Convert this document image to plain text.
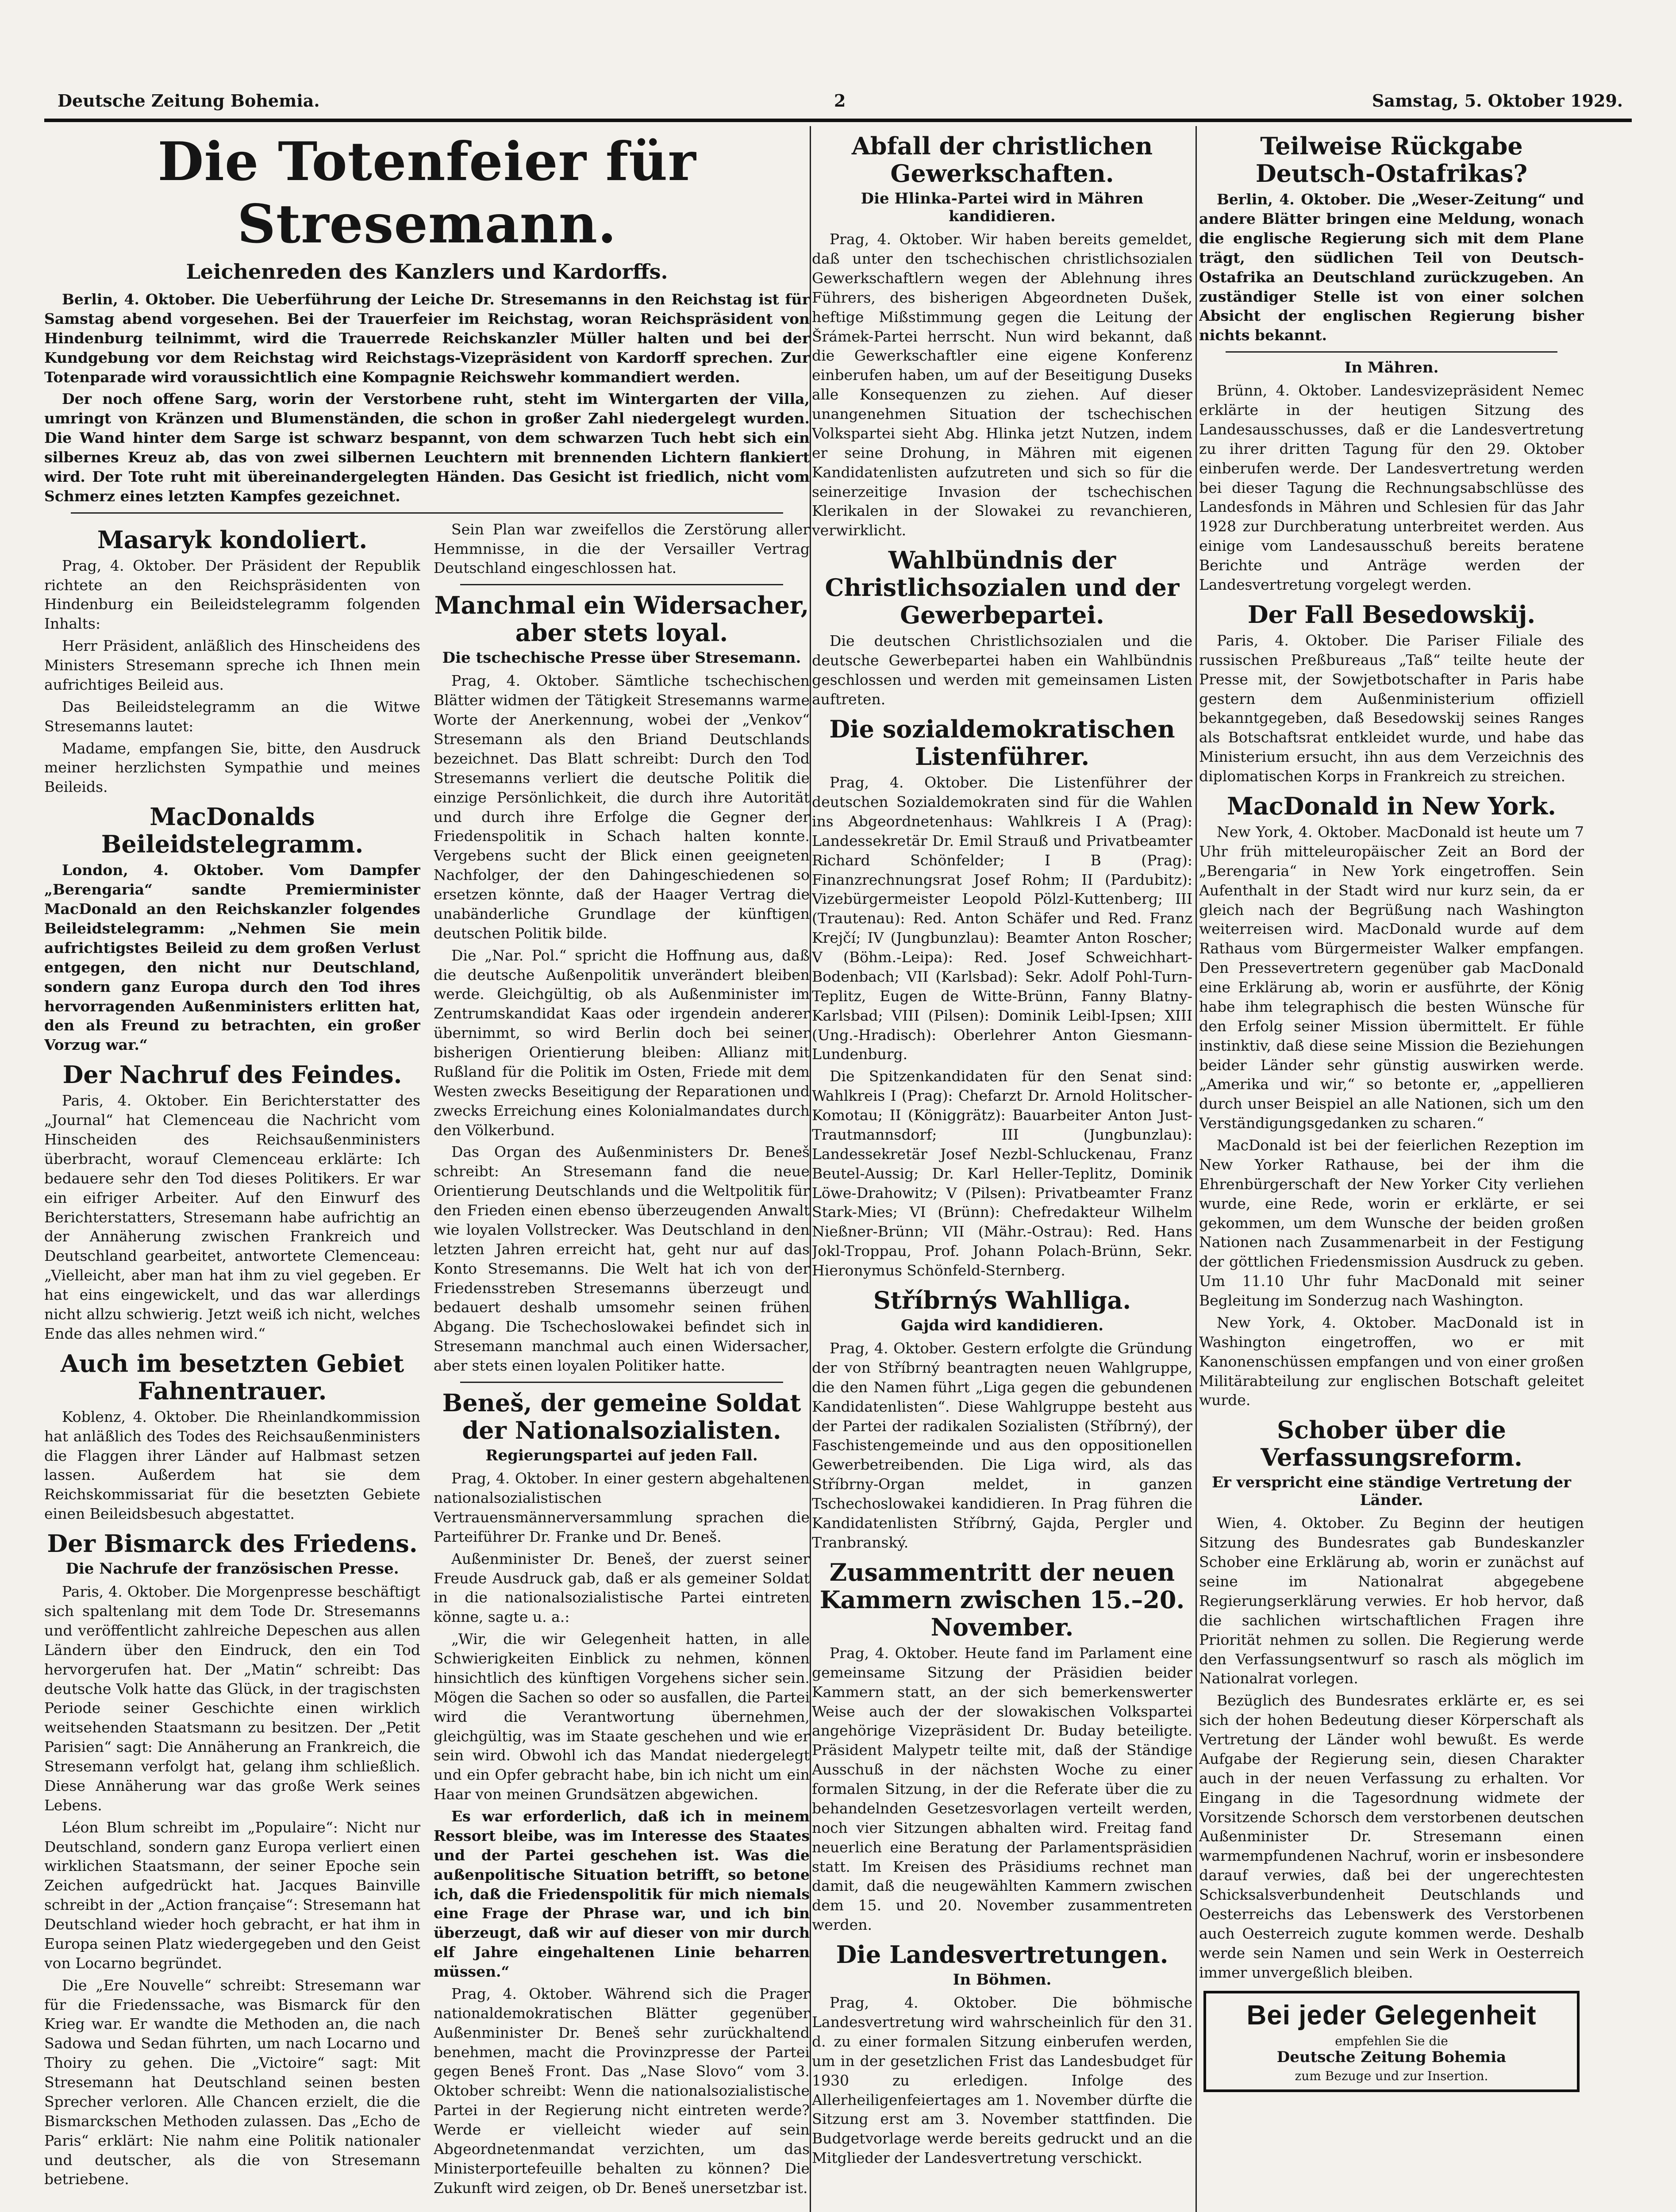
Deutsche Zeitung Bohemia.	2	Samstag, 5. Oktober 1929.
Die Totenfeier für Stresemann.
Leichenreden des Kanzlers und Kardorffs.

Berlin, 4. Oktober. Die Ueberführung der Leiche Dr. Stresemanns in den Reichstag ist für Samstag abend vorgesehen. Bei der Trauerfeier im Reichstag, woran Reichspräsident von Hindenburg teilnimmt, wird die Trauerrede Reichskanzler Müller halten und bei der Kundgebung vor dem Reichstag wird Reichstags-Vizepräsident von Kardorff sprechen. Zur Totenparade wird voraussichtlich eine Kompagnie Reichswehr kommandiert werden.

Der noch offene Sarg, worin der Verstorbene ruht, steht im Wintergarten der Villa, umringt von Kränzen und Blumenständen, die schon in großer Zahl niedergelegt wurden. Die Wand hinter dem Sarge ist schwarz bespannt, von dem schwarzen Tuch hebt sich ein silbernes Kreuz ab, das von zwei silbernen Leuchtern mit brennenden Lichtern flankiert wird. Der Tote ruht mit übereinandergelegten Händen. Das Gesicht ist friedlich, nicht vom Schmerz eines letzten Kampfes gezeichnet.

Masaryk kondoliert.

Prag, 4. Oktober. Der Präsident der Republik richtete an den Reichspräsidenten von Hindenburg ein Beileidstelegramm folgenden Inhalts:

Herr Präsident, anläßlich des Hinscheidens des Ministers Stresemann spreche ich Ihnen mein aufrichtiges Beileid aus.

Das Beileidstelegramm an die Witwe Stresemanns lautet:

Madame, empfangen Sie, bitte, den Ausdruck meiner herzlichsten Sympathie und meines Beileids.

MacDonalds Beileidstelegramm.

London, 4. Oktober. Vom Dampfer „Berengaria“ sandte Premierminister MacDonald an den Reichskanzler folgendes Beileidstelegramm: „Nehmen Sie mein aufrichtigstes Beileid zu dem großen Verlust entgegen, den nicht nur Deutschland, sondern ganz Europa durch den Tod ihres hervorragenden Außenministers erlitten hat, den als Freund zu betrachten, ein großer Vorzug war.“

Der Nachruf des Feindes.

Paris, 4. Oktober. Ein Berichterstatter des „Journal“ hat Clemenceau die Nachricht vom Hinscheiden des Reichsaußenministers überbracht, worauf Clemenceau erklärte: Ich bedauere sehr den Tod dieses Politikers. Er war ein eifriger Arbeiter. Auf den Einwurf des Berichterstatters, Stresemann habe aufrichtig an der Annäherung zwischen Frankreich und Deutschland gearbeitet, antwortete Clemenceau: „Vielleicht, aber man hat ihm zu viel gegeben. Er hat eins eingewickelt, und das war allerdings nicht allzu schwierig. Jetzt weiß ich nicht, welches Ende das alles nehmen wird.“

Auch im besetzten Gebiet Fahnentrauer.

Koblenz, 4. Oktober. Die Rheinlandkommission hat anläßlich des Todes des Reichsaußenministers die Flaggen ihrer Länder auf Halbmast setzen lassen. Außerdem hat sie dem Reichskommissariat für die besetzten Gebiete einen Beileidsbesuch abgestattet.

Der Bismarck des Friedens.
Die Nachrufe der französischen Presse.

Paris, 4. Oktober. Die Morgenpresse beschäftigt sich spaltenlang mit dem Tode Dr. Stresemanns und veröffentlicht zahlreiche Depeschen aus allen Ländern über den Eindruck, den ein Tod hervorgerufen hat. Der „Matin“ schreibt: Das deutsche Volk hatte das Glück, in der tragischsten Periode seiner Geschichte einen wirklich weitsehenden Staatsmann zu besitzen. Der „Petit Parisien“ sagt: Die Annäherung an Frankreich, die Stresemann verfolgt hat, gelang ihm schließlich. Diese Annäherung war das große Werk seines Lebens.

Léon Blum schreibt im „Populaire“: Nicht nur Deutschland, sondern ganz Europa verliert einen wirklichen Staatsmann, der seiner Epoche sein Zeichen aufgedrückt hat. Jacques Bainville schreibt in der „Action française“: Stresemann hat Deutschland wieder hoch gebracht, er hat ihm in Europa seinen Platz wiedergegeben und den Geist von Locarno begründet.

Die „Ere Nouvelle“ schreibt: Stresemann war für die Friedenssache, was Bismarck für den Krieg war. Er wandte die Methoden an, die nach Sadowa und Sedan führten, um nach Locarno und Thoiry zu gehen. Die „Victoire“ sagt: Mit Stresemann hat Deutschland seinen besten Sprecher verloren. Alle Chancen erzielt, die die Bismarckschen Methoden zulassen. Das „Echo de Paris“ erklärt: Nie nahm eine Politik nationaler und deutscher, als die von Stresemann betriebene.

Sein Plan war zweifellos die Zerstörung aller Hemmnisse, in die der Versailler Vertrag Deutschland eingeschlossen hat.

Manchmal ein Widersacher, aber stets loyal.
Die tschechische Presse über Stresemann.

Prag, 4. Oktober. Sämtliche tschechischen Blätter widmen der Tätigkeit Stresemanns warme Worte der Anerkennung, wobei der „Venkov“ Stresemann als den Briand Deutschlands bezeichnet. Das Blatt schreibt: Durch den Tod Stresemanns verliert die deutsche Politik die einzige Persönlichkeit, die durch ihre Autorität und durch ihre Erfolge die Gegner der Friedenspolitik in Schach halten konnte. Vergebens sucht der Blick einen geeigneten Nachfolger, der den Dahingeschiedenen so ersetzen könnte, daß der Haager Vertrag die unabänderliche Grundlage der künftigen deutschen Politik bilde.

Die „Nar. Pol.“ spricht die Hoffnung aus, daß die deutsche Außenpolitik unverändert bleiben werde. Gleichgültig, ob als Außenminister im Zentrumskandidat Kaas oder irgendein anderer übernimmt, so wird Berlin doch bei seiner bisherigen Orientierung bleiben: Allianz mit Rußland für die Politik im Osten, Friede mit dem Westen zwecks Beseitigung der Reparationen und zwecks Erreichung eines Kolonialmandates durch den Völkerbund.

Das Organ des Außenministers Dr. Beneš schreibt: An Stresemann fand die neue Orientierung Deutschlands und die Weltpolitik für den Frieden einen ebenso überzeugenden Anwalt wie loyalen Vollstrecker. Was Deutschland in den letzten Jahren erreicht hat, geht nur auf das Konto Stresemanns. Die Welt hat ich von der Friedensstreben Stresemanns überzeugt und bedauert deshalb umsomehr seinen frühen Abgang. Die Tschechoslowakei befindet sich in Stresemann manchmal auch einen Widersacher, aber stets einen loyalen Politiker hatte.

Beneš, der gemeine Soldat der Nationalsozialisten.
Regierungspartei auf jeden Fall.

Prag, 4. Oktober. In einer gestern abgehaltenen nationalsozialistischen Vertrauensmännerversammlung sprachen die Parteiführer Dr. Franke und Dr. Beneš.

Außenminister Dr. Beneš, der zuerst seiner Freude Ausdruck gab, daß er als gemeiner Soldat in die nationalsozialistische Partei eintreten könne, sagte u. a.:

„Wir, die wir Gelegenheit hatten, in alle Schwierigkeiten Einblick zu nehmen, können hinsichtlich des künftigen Vorgehens sicher sein. Mögen die Sachen so oder so ausfallen, die Partei wird die Verantwortung übernehmen, gleichgültig, was im Staate geschehen und wie er sein wird. Obwohl ich das Mandat niedergelegt und ein Opfer gebracht habe, bin ich nicht um ein Haar von meinen Grundsätzen abgewichen.

Es war erforderlich, daß ich in meinem Ressort bleibe, was im Interesse des Staates und der Partei geschehen ist. Was die außenpolitische Situation betrifft, so betone ich, daß die Friedenspolitik für mich niemals eine Frage der Phrase war, und ich bin überzeugt, daß wir auf dieser von mir durch elf Jahre eingehaltenen Linie beharren müssen.“

Prag, 4. Oktober. Während sich die Prager nationaldemokratischen Blätter gegenüber Außenminister Dr. Beneš sehr zurückhaltend benehmen, macht die Provinzpresse der Partei gegen Beneš Front. Das „Nase Slovo“ vom 3. Oktober schreibt: Wenn die nationalsozialistische Partei in der Regierung nicht eintreten werde? Werde er vielleicht wieder auf sein Abgeordnetenmandat verzichten, um das Ministerportefeuille behalten zu können? Die Zukunft wird zeigen, ob Dr. Beneš unersetzbar ist.

Abfall der christlichen Gewerkschaften.
Die Hlinka-Partei wird in Mähren kandidieren.

Prag, 4. Oktober. Wir haben bereits gemeldet, daß unter den tschechischen christlichsozialen Gewerkschaftlern wegen der Ablehnung ihres Führers, des bisherigen Abgeordneten Dušek, heftige Mißstimmung gegen die Leitung der Šrámek-Partei herrscht. Nun wird bekannt, daß die Gewerkschaftler eine eigene Konferenz einberufen haben, um auf der Beseitigung Duseks alle Konsequenzen zu ziehen. Auf dieser unangenehmen Situation der tschechischen Volkspartei sieht Abg. Hlinka jetzt Nutzen, indem er seine Drohung, in Mähren mit eigenen Kandidatenlisten aufzutreten und sich so für die seinerzeitige Invasion der tschechischen Klerikalen in der Slowakei zu revanchieren, verwirklicht.

Wahlbündnis der Christlichsozialen und der Gewerbepartei.

Die deutschen Christlichsozialen und die deutsche Gewerbepartei haben ein Wahlbündnis geschlossen und werden mit gemeinsamen Listen auftreten.

Die sozialdemokratischen Listenführer.

Prag, 4. Oktober. Die Listenführer der deutschen Sozialdemokraten sind für die Wahlen ins Abgeordnetenhaus: Wahlkreis I A (Prag): Landessekretär Dr. Emil Strauß und Privatbeamter Richard Schönfelder; I B (Prag): Finanzrechnungsrat Josef Rohm; II (Pardubitz): Vizebürgermeister Leopold Pölzl-Kuttenberg; III (Trautenau): Red. Anton Schäfer und Red. Franz Krejčí; IV (Jungbunzlau): Beamter Anton Roscher; V (Böhm.-Leipa): Red. Josef Schweichhart-Bodenbach; VII (Karlsbad): Sekr. Adolf Pohl-Turn-Teplitz, Eugen de Witte-Brünn, Fanny Blatny-Karlsbad; VIII (Pilsen): Dominik Leibl-Ipsen; XIII (Ung.-Hradisch): Oberlehrer Anton Giesmann-Lundenburg.

Die Spitzenkandidaten für den Senat sind: Wahlkreis I (Prag): Chefarzt Dr. Arnold Holitscher-Komotau; II (Königgrätz): Bauarbeiter Anton Just-Trautmannsdorf; III (Jungbunzlau): Landessekretär Josef Nezbl-Schluckenau, Franz Beutel-Aussig; Dr. Karl Heller-Teplitz, Dominik Löwe-Drahowitz; V (Pilsen): Privatbeamter Franz Stark-Mies; VI (Brünn): Chefredakteur Wilhelm Nießner-Brünn; VII (Mähr.-Ostrau): Red. Hans Jokl-Troppau, Prof. Johann Polach-Brünn, Sekr. Hieronymus Schönfeld-Sternberg.

Stříbrnýs Wahlliga.
Gajda wird kandidieren.

Prag, 4. Oktober. Gestern erfolgte die Gründung der von Stříbrný beantragten neuen Wahlgruppe, die den Namen führt „Liga gegen die gebundenen Kandidatenlisten“. Diese Wahlgruppe besteht aus der Partei der radikalen Sozialisten (Stříbrný), der Faschistengemeinde und aus den oppositionellen Gewerbetreibenden. Die Liga wird, als das Stříbrny-Organ meldet, in ganzen Tschechoslowakei kandidieren. In Prag führen die Kandidatenlisten Stříbrný, Gajda, Pergler und Tranbranský.

Zusammentritt der neuen Kammern zwischen 15.–20. November.

Prag, 4. Oktober. Heute fand im Parlament eine gemeinsame Sitzung der Präsidien beider Kammern statt, an der sich bemerkenswerter Weise auch der der slowakischen Volkspartei angehörige Vizepräsident Dr. Buday beteiligte. Präsident Malypetr teilte mit, daß der Ständige Ausschuß in der nächsten Woche zu einer formalen Sitzung, in der die Referate über die zu behandelnden Gesetzesvorlagen verteilt werden, noch vier Sitzungen abhalten wird. Freitag fand neuerlich eine Beratung der Parlamentspräsidien statt. Im Kreisen des Präsidiums rechnet man damit, daß die neugewählten Kammern zwischen dem 15. und 20. November zusammentreten werden.

Die Landesvertretungen.
In Böhmen.

Prag, 4. Oktober. Die böhmische Landesvertretung wird wahrscheinlich für den 31. d. zu einer formalen Sitzung einberufen werden, um in der gesetzlichen Frist das Landesbudget für 1930 zu erledigen. Infolge des Allerheiligenfeiertages am 1. November dürfte die Sitzung erst am 3. November stattfinden. Die Budgetvorlage werde bereits gedruckt und an die Mitglieder der Landesvertretung verschickt.

Teilweise Rückgabe Deutsch-Ostafrikas?

Berlin, 4. Oktober. Die „Weser-Zeitung“ und andere Blätter bringen eine Meldung, wonach die englische Regierung sich mit dem Plane trägt, den südlichen Teil von Deutsch-Ostafrika an Deutschland zurückzugeben. An zuständiger Stelle ist von einer solchen Absicht der englischen Regierung bisher nichts bekannt.

In Mähren.

Brünn, 4. Oktober. Landesvizepräsident Nemec erklärte in der heutigen Sitzung des Landesausschusses, daß er die Landesvertretung zu ihrer dritten Tagung für den 29. Oktober einberufen werde. Der Landesvertretung werden bei dieser Tagung die Rechnungsabschlüsse des Landesfonds in Mähren und Schlesien für das Jahr 1928 zur Durchberatung unterbreitet werden. Aus einige vom Landesausschuß bereits beratene Berichte und Anträge werden der Landesvertretung vorgelegt werden.

Der Fall Besedowskij.

Paris, 4. Oktober. Die Pariser Filiale des russischen Preßbureaus „Taß“ teilte heute der Presse mit, der Sowjetbotschafter in Paris habe gestern dem Außenministerium offiziell bekanntgegeben, daß Besedowskij seines Ranges als Botschaftsrat entkleidet wurde, und habe das Ministerium ersucht, ihn aus dem Verzeichnis des diplomatischen Korps in Frankreich zu streichen.

MacDonald in New York.

New York, 4. Oktober. MacDonald ist heute um 7 Uhr früh mitteleuropäischer Zeit an Bord der „Berengaria“ in New York eingetroffen. Sein Aufenthalt in der Stadt wird nur kurz sein, da er gleich nach der Begrüßung nach Washington weiterreisen wird. MacDonald wurde auf dem Rathaus vom Bürgermeister Walker empfangen. Den Pressevertretern gegenüber gab MacDonald eine Erklärung ab, worin er ausführte, der König habe ihm telegraphisch die besten Wünsche für den Erfolg seiner Mission übermittelt. Er fühle instinktiv, daß diese seine Mission die Beziehungen beider Länder sehr günstig auswirken werde. „Amerika und wir,“ so betonte er, „appellieren durch unser Beispiel an alle Nationen, sich um den Verständigungsgedanken zu scharen.“

MacDonald ist bei der feierlichen Rezeption im New Yorker Rathause, bei der ihm die Ehrenbürgerschaft der New Yorker City verliehen wurde, eine Rede, worin er erklärte, er sei gekommen, um dem Wunsche der beiden großen Nationen nach Zusammenarbeit in der Festigung der göttlichen Friedensmission Ausdruck zu geben. Um 11.10 Uhr fuhr MacDonald mit seiner Begleitung im Sonderzug nach Washington.

New York, 4. Oktober. MacDonald ist in Washington eingetroffen, wo er mit Kanonenschüssen empfangen und von einer großen Militärabteilung zur englischen Botschaft geleitet wurde.

Schober über die Verfassungsreform.
Er verspricht eine ständige Vertretung der Länder.

Wien, 4. Oktober. Zu Beginn der heutigen Sitzung des Bundesrates gab Bundeskanzler Schober eine Erklärung ab, worin er zunächst auf seine im Nationalrat abgegebene Regierungserklärung verwies. Er hob hervor, daß die sachlichen wirtschaftlichen Fragen ihre Priorität nehmen zu sollen. Die Regierung werde den Verfassungsentwurf so rasch als möglich im Nationalrat vorlegen.

Bezüglich des Bundesrates erklärte er, es sei sich der hohen Bedeutung dieser Körperschaft als Vertretung der Länder wohl bewußt. Es werde Aufgabe der Regierung sein, diesen Charakter auch in der neuen Verfassung zu erhalten. Vor Eingang in die Tagesordnung widmete der Vorsitzende Schorsch dem verstorbenen deutschen Außenminister Dr. Stresemann einen warmempfundenen Nachruf, worin er insbesondere darauf verwies, daß bei der ungerechtesten Schicksalsverbundenheit Deutschlands und Oesterreichs das Lebenswerk des Verstorbenen auch Oesterreich zugute kommen werde. Deshalb werde sein Namen und sein Werk in Oesterreich immer unvergeßlich bleiben.

Bei jeder Gelegenheit
empfehlen Sie die
Deutsche Zeitung Bohemia
zum Bezuge und zur Insertion.
